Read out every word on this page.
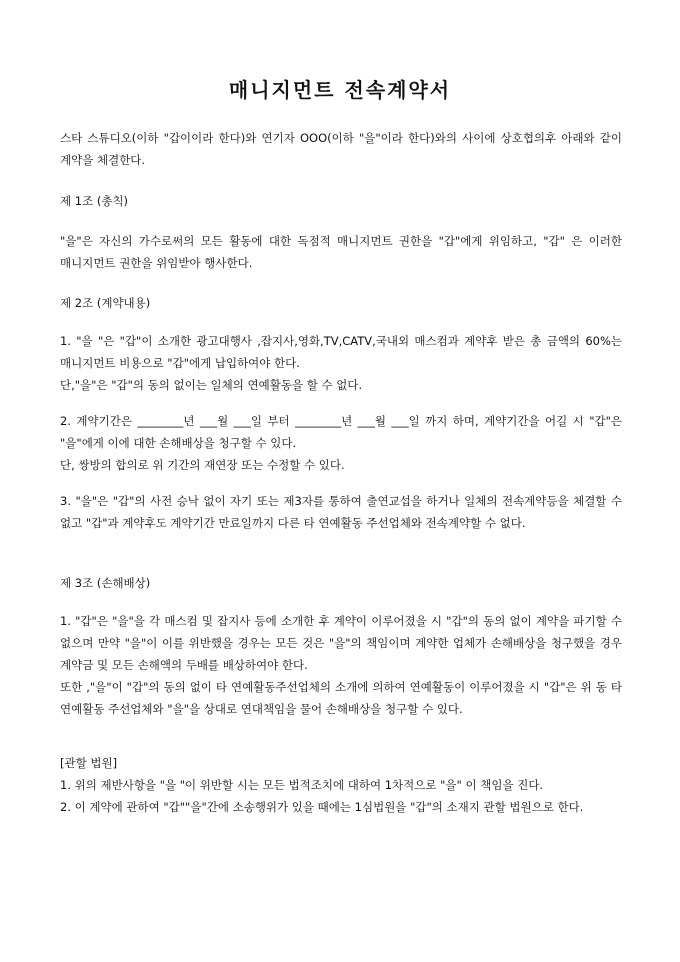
매니지먼트 전속계약서

스타 스튜디오(이하 "갑이이라 한다)와 연기자 OOO(이하 "을"이라 한다)와의 사이에 상호협의후 아래와 같이 계약을 체결한다.

제 1조 (총칙)

"을"은 자신의 가수로써의 모든 활동에 대한 독점적 매니지먼트 권한을 "갑"에게 위임하고, "갑" 은 이러한 매니지먼트 권한을 위임받아 행사한다.

제 2조 (계약내용)

1. "을 "은 "갑"이 소개한 광고대행사 ,잡지사,영화,TV,CATV,국내외 매스컴과 계약후 받은 총 금액의 60%는 매니지먼트 비용으로 "갑"에게 납입하여야 한다.
단,"을"은 "갑"의 동의 없이는 일체의 연예활동을 할 수 없다.
2. 계약기간은 ________년 ___월 ___일 부터 ________년 ___월 ___일 까지 하며, 계약기간을 어길 시 "갑"은 "을"에게 이에 대한 손해배상을 청구할 수 있다.
단, 쌍방의 합의로 위 기간의 재연장 또는 수정할 수 있다.

3. "을"은 "갑"의 사전 승낙 없이 자기 또는 제3자를 통하여 출연교섭을 하거나 일체의 전속계약등을 체결할 수 없고 "갑"과 계약후도 계약기간 만료일까지 다른 타 연예활동 주선업체와 전속계약할 수 없다.

제 3조 (손해배상)

1. "갑"은 "을"을 각 매스컴 및 잡지사 등에 소개한 후 계약이 이루어졌을 시 "갑"의 동의 없이 계약을 파기할 수 없으며 만약 "을"이 이를 위반했을 경우는 모든 것은 "을"의 책임이며 계약한 업체가 손해배상을 청구했을 경우 계약금 및 모든 손해액의 두배를 배상하여야 한다.
또한 ,"을"이 "갑"의 동의 없이 타 연예활동주선업체의 소개에 의하여 연예활동이 이루어졌을 시 "갑"은 위 동 타 연예활동 주선업체와 "을"을 상대로 연대책임을 물어 손해배상을 청구할 수 있다.
[관할 법원]
1. 위의 제반사항을 "을 "이 위반할 시는 모든 법적조치에 대하여 1차적으로 "을" 이 책임을 진다.
2. 이 계약에 관하여 "갑""을"간에 소송행위가 있을 때에는 1심법원을 "갑"의 소재지 관할 법원으로 한다.
